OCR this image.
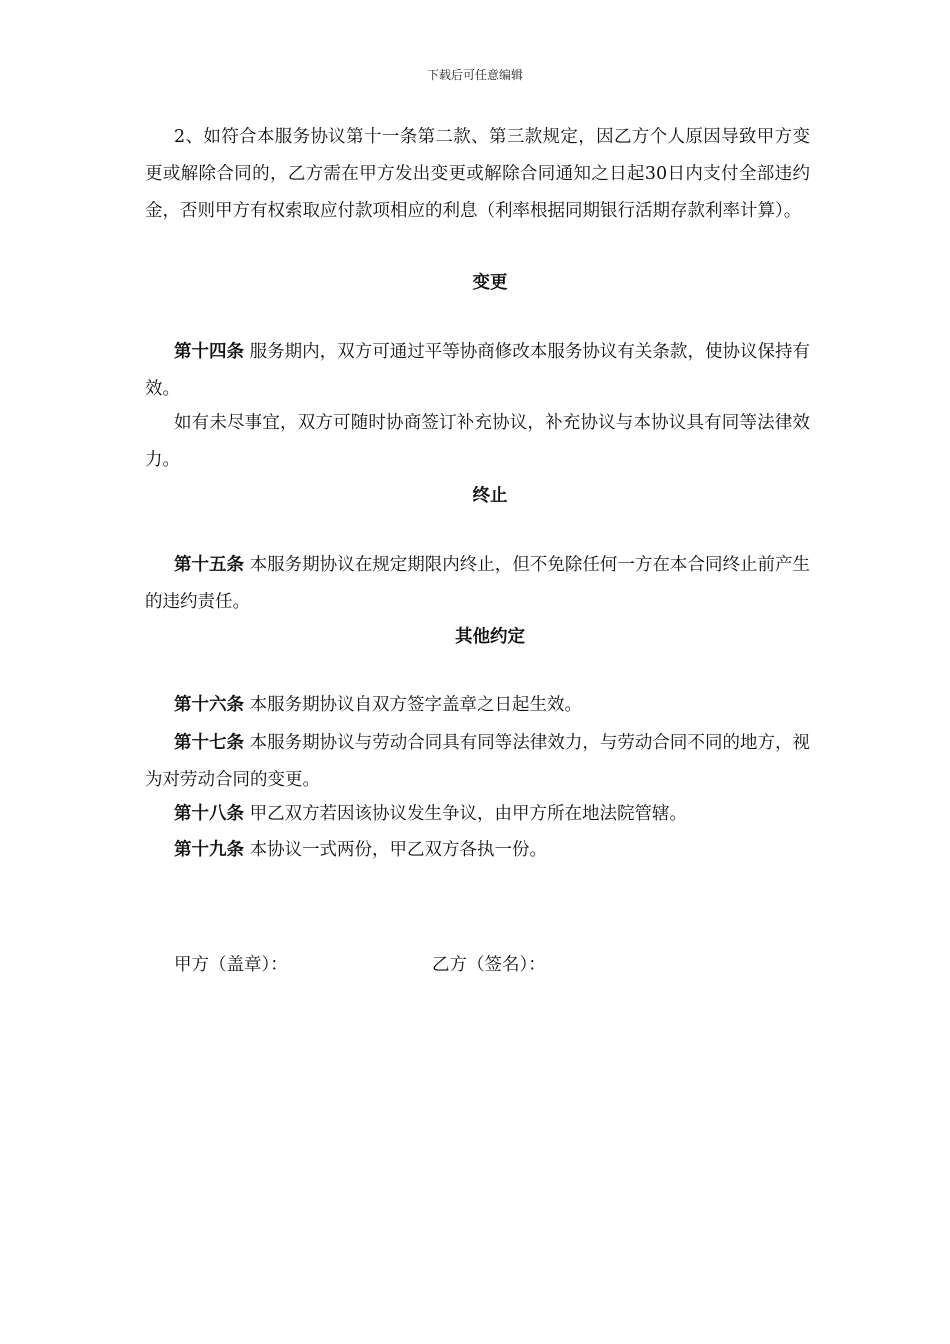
下载后可任意编辑

2、如符合本服务协议第十一条第二款、第三款规定，因乙方个人原因导致甲方变更或解除合同的，乙方需在甲方发出变更或解除合同通知之日起30日内支付全部违约金，否则甲方有权索取应付款项相应的利息（利率根据同期银行活期存款利率计算）。

变更

第十四条 服务期内，双方可通过平等协商修改本服务协议有关条款，使协议保持有效。

如有未尽事宜，双方可随时协商签订补充协议，补充协议与本协议具有同等法律效力。

终止

第十五条 本服务期协议在规定期限内终止，但不免除任何一方在本合同终止前产生的违约责任。

其他约定

第十六条 本服务期协议自双方签字盖章之日起生效。

第十七条 本服务期协议与劳动合同具有同等法律效力，与劳动合同不同的地方，视为对劳动合同的变更。

第十八条 甲乙双方若因该协议发生争议，由甲方所在地法院管辖。

第十九条 本协议一式两份，甲乙双方各执一份。

甲方（盖章）：	乙方（签名）：
